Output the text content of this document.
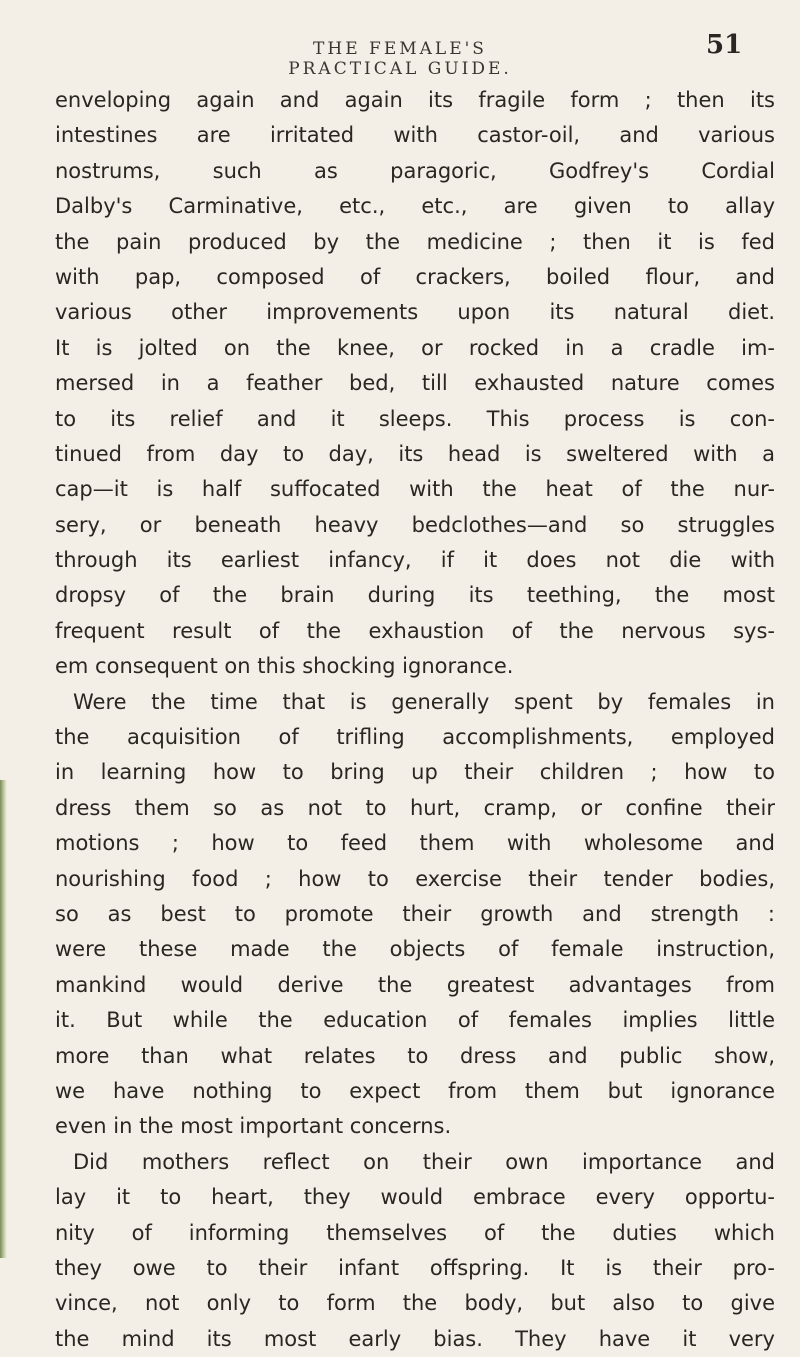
THE FEMALE'S PRACTICAL GUIDE.
51
enveloping again and again its fragile form ; then its
intestines are irritated with castor-oil, and various
nostrums, such as paragoric, Godfrey's Cordial
Dalby's Carminative, etc., etc., are given to allay
the pain produced by the medicine ; then it is fed
with pap, composed of crackers, boiled flour, and
various other improvements upon its natural diet.
It is jolted on the knee, or rocked in a cradle im-
mersed in a feather bed, till exhausted nature comes
to its relief and it sleeps. This process is con-
tinued from day to day, its head is sweltered with a
cap—it is half suffocated with the heat of the nur-
sery, or beneath heavy bedclothes—and so struggles
through its earliest infancy, if it does not die with
dropsy of the brain during its teething, the most
frequent result of the exhaustion of the nervous sys-
em consequent on this shocking ignorance.
Were the time that is generally spent by females in
the acquisition of trifling accomplishments, employed
in learning how to bring up their children ; how to
dress them so as not to hurt, cramp, or confine their
motions ; how to feed them with wholesome and
nourishing food ; how to exercise their tender bodies,
so as best to promote their growth and strength :
were these made the objects of female instruction,
mankind would derive the greatest advantages from
it. But while the education of females implies little
more than what relates to dress and public show,
we have nothing to expect from them but ignorance
even in the most important concerns.
Did mothers reflect on their own importance and
lay it to heart, they would embrace every opportu-
nity of informing themselves of the duties which
they owe to their infant offspring. It is their pro-
vince, not only to form the body, but also to give
the mind its most early bias. They have it very
